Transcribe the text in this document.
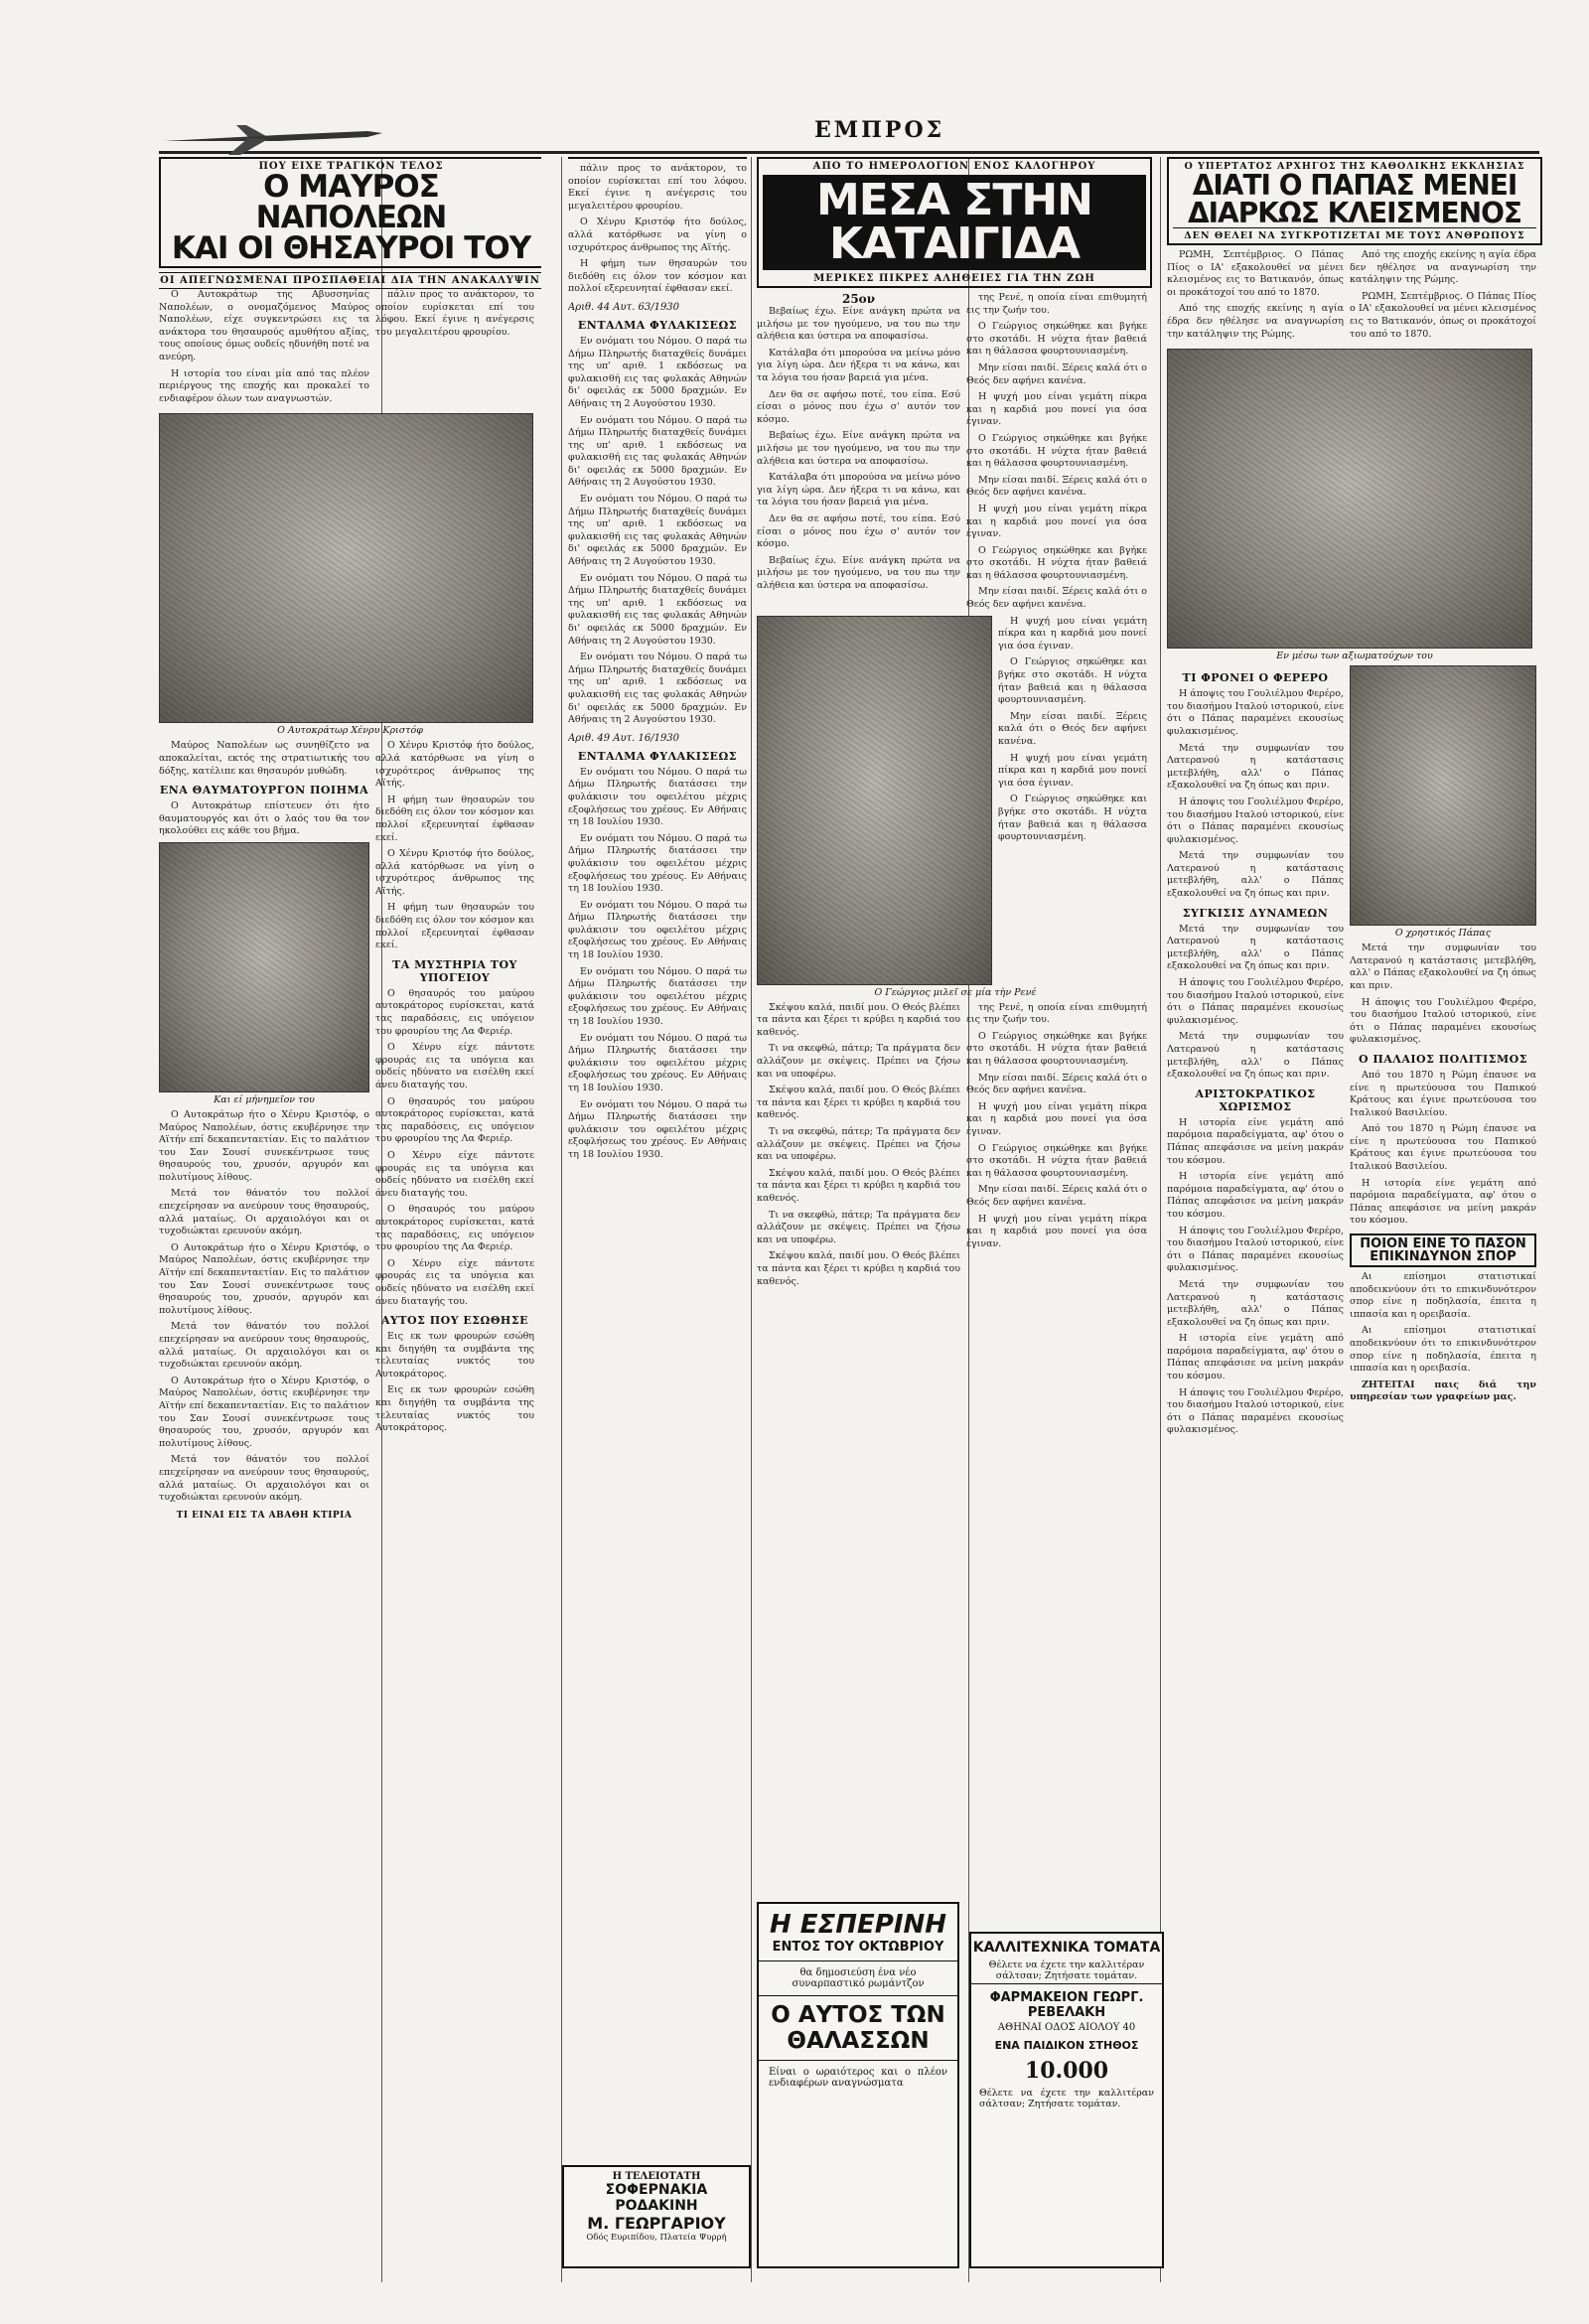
ΕΜΠΡΟΣ
ΠΟΥ ΕΙΧΕ ΤΡΑΓΙΚΟΝ ΤΕΛΟΣ
Ο ΜΑΥΡΟΣ ΝΑΠΟΛΕΩΝ
ΚΑΙ ΟΙ ΘΗΣΑΥΡΟΙ ΤΟΥ
ΟΙ ΑΠΕΓΝΩΣΜΕΝΑΙ ΠΡΟΣΠΑΘΕΙΑΙ ΔΙΑ ΤΗΝ ΑΝΑΚΑΛΥΨΙΝ

Ο Αυτοκράτωρ της Αβυσσηνίας Ναπολέων, ο ονομαζόμενος Μαύρος Ναπολέων, είχε συγκεντρώσει εις τα ανάκτορα του θησαυρούς αμυθήτου αξίας, τους οποίους όμως ουδείς ηδυνήθη ποτέ να ανεύρη.

Η ιστορία του είναι μία από τας πλέον περιέργους της εποχής και προκαλεί το ενδιαφέρον όλων των αναγνωστών.

πάλιν προς το ανάκτορον, το οποίον ευρίσκεται επί του λόφου. Εκεί έγινε η ανέγερσις του μεγαλειτέρου φρουρίου.

Ο Αυτοκράτωρ Χένρυ Κριστόφ

Μαύρος Ναπολέων ως συνηθίζετο να αποκαλείται, εκτός της στρατιωτικής του δόξης, κατέλιπε και θησαυρόν μυθώδη.

ΕΝΑ ΘΑΥΜΑΤΟΥΡΓΟΝ ΠΟΙΗΜΑ

Ο Αυτοκράτωρ επίστευεν ότι ήτο θαυματουργός και ότι ο λαός του θα τον ηκολούθει εις κάθε του βήμα.

Και εί μήνημεῖον του

Ο Αυτοκράτωρ ήτο ο Χένρυ Κριστόφ, ο Μαύρος Ναπολέων, όστις εκυβέρνησε την Αϊτήν επί δεκαπενταετίαν. Εις το παλάτιον του Σαν Σουσί συνεκέντρωσε τους θησαυρούς του, χρυσόν, αργυρόν και πολυτίμους λίθους.

Μετά τον θάνατόν του πολλοί επεχείρησαν να ανεύρουν τους θησαυρούς, αλλά ματαίως. Οι αρχαιολόγοι και οι τυχοδιώκται ερευνούν ακόμη.

Ο Αυτοκράτωρ ήτο ο Χένρυ Κριστόφ, ο Μαύρος Ναπολέων, όστις εκυβέρνησε την Αϊτήν επί δεκαπενταετίαν. Εις το παλάτιον του Σαν Σουσί συνεκέντρωσε τους θησαυρούς του, χρυσόν, αργυρόν και πολυτίμους λίθους.

Μετά τον θάνατόν του πολλοί επεχείρησαν να ανεύρουν τους θησαυρούς, αλλά ματαίως. Οι αρχαιολόγοι και οι τυχοδιώκται ερευνούν ακόμη.

Ο Αυτοκράτωρ ήτο ο Χένρυ Κριστόφ, ο Μαύρος Ναπολέων, όστις εκυβέρνησε την Αϊτήν επί δεκαπενταετίαν. Εις το παλάτιον του Σαν Σουσί συνεκέντρωσε τους θησαυρούς του, χρυσόν, αργυρόν και πολυτίμους λίθους.

Μετά τον θάνατόν του πολλοί επεχείρησαν να ανεύρουν τους θησαυρούς, αλλά ματαίως. Οι αρχαιολόγοι και οι τυχοδιώκται ερευνούν ακόμη.

ΤΙ ΕΙΝΑΙ ΕΙΣ ΤΑ ΑΒΑΘΗ ΚΤΙΡΙΑ

Ο Χένρυ Κριστόφ ήτο δούλος, αλλά κατόρθωσε να γίνη ο ισχυρότερος άνθρωπος της Αϊτής.

Η φήμη των θησαυρών του διεδόθη εις όλον τον κόσμον και πολλοί εξερευνηταί έφθασαν εκεί.

Ο Χένρυ Κριστόφ ήτο δούλος, αλλά κατόρθωσε να γίνη ο ισχυρότερος άνθρωπος της Αϊτής.

Η φήμη των θησαυρών του διεδόθη εις όλον τον κόσμον και πολλοί εξερευνηταί έφθασαν εκεί.

ΤΑ ΜΥΣΤΗΡΙΑ ΤΟΥ ΥΠΟΓΕΙΟΥ

Ο θησαυρός του μαύρου αυτοκράτορος ευρίσκεται, κατά τας παραδόσεις, εις υπόγειον του φρουρίου της Λα Φεριέρ.

Ο Χένρυ είχε πάντοτε φρουράς εις τα υπόγεια και ουδείς ηδύνατο να εισέλθη εκεί άνευ διαταγής του.

Ο θησαυρός του μαύρου αυτοκράτορος ευρίσκεται, κατά τας παραδόσεις, εις υπόγειον του φρουρίου της Λα Φεριέρ.

Ο Χένρυ είχε πάντοτε φρουράς εις τα υπόγεια και ουδείς ηδύνατο να εισέλθη εκεί άνευ διαταγής του.

Ο θησαυρός του μαύρου αυτοκράτορος ευρίσκεται, κατά τας παραδόσεις, εις υπόγειον του φρουρίου της Λα Φεριέρ.

Ο Χένρυ είχε πάντοτε φρουράς εις τα υπόγεια και ουδείς ηδύνατο να εισέλθη εκεί άνευ διαταγής του.

ΑΥΤΟΣ ΠΟΥ ΕΣΩΘΗΣΕ

Εις εκ των φρουρών εσώθη και διηγήθη τα συμβάντα της τελευταίας νυκτός του Αυτοκράτορος.

Εις εκ των φρουρών εσώθη και διηγήθη τα συμβάντα της τελευταίας νυκτός του Αυτοκράτορος.

πάλιν προς το ανάκτορον, το οποίον ευρίσκεται επί του λόφου. Εκεί έγινε η ανέγερσις του μεγαλειτέρου φρουρίου.

Ο Χένρυ Κριστόφ ήτο δούλος, αλλά κατόρθωσε να γίνη ο ισχυρότερος άνθρωπος της Αϊτής.

Η φήμη των θησαυρών του διεδόθη εις όλον τον κόσμον και πολλοί εξερευνηταί έφθασαν εκεί.

Αριθ. 44 Αυτ. 63/1930
ΕΝΤΑΛΜΑ ΦΥΛΑΚΙΣΕΩΣ

Εν ονόματι του Νόμου. Ο παρά τω Δήμω Πληρωτής διαταχθείς δυνάμει της υπ' αριθ. 1 εκδόσεως να φυλακισθή εις τας φυλακάς Αθηνών δι' οφειλάς εκ 5000 δραχμών. Εν Αθήναις τη 2 Αυγούστου 1930.

Εν ονόματι του Νόμου. Ο παρά τω Δήμω Πληρωτής διαταχθείς δυνάμει της υπ' αριθ. 1 εκδόσεως να φυλακισθή εις τας φυλακάς Αθηνών δι' οφειλάς εκ 5000 δραχμών. Εν Αθήναις τη 2 Αυγούστου 1930.

Εν ονόματι του Νόμου. Ο παρά τω Δήμω Πληρωτής διαταχθείς δυνάμει της υπ' αριθ. 1 εκδόσεως να φυλακισθή εις τας φυλακάς Αθηνών δι' οφειλάς εκ 5000 δραχμών. Εν Αθήναις τη 2 Αυγούστου 1930.

Εν ονόματι του Νόμου. Ο παρά τω Δήμω Πληρωτής διαταχθείς δυνάμει της υπ' αριθ. 1 εκδόσεως να φυλακισθή εις τας φυλακάς Αθηνών δι' οφειλάς εκ 5000 δραχμών. Εν Αθήναις τη 2 Αυγούστου 1930.

Εν ονόματι του Νόμου. Ο παρά τω Δήμω Πληρωτής διαταχθείς δυνάμει της υπ' αριθ. 1 εκδόσεως να φυλακισθή εις τας φυλακάς Αθηνών δι' οφειλάς εκ 5000 δραχμών. Εν Αθήναις τη 2 Αυγούστου 1930.

Αριθ. 49 Αυτ. 16/1930
ΕΝΤΑΛΜΑ ΦΥΛΑΚΙΣΕΩΣ

Εν ονόματι του Νόμου. Ο παρά τω Δήμω Πληρωτής διατάσσει την φυλάκισιν του οφειλέτου μέχρις εξοφλήσεως του χρέους. Εν Αθήναις τη 18 Ιουλίου 1930.

Εν ονόματι του Νόμου. Ο παρά τω Δήμω Πληρωτής διατάσσει την φυλάκισιν του οφειλέτου μέχρις εξοφλήσεως του χρέους. Εν Αθήναις τη 18 Ιουλίου 1930.

Εν ονόματι του Νόμου. Ο παρά τω Δήμω Πληρωτής διατάσσει την φυλάκισιν του οφειλέτου μέχρις εξοφλήσεως του χρέους. Εν Αθήναις τη 18 Ιουλίου 1930.

Εν ονόματι του Νόμου. Ο παρά τω Δήμω Πληρωτής διατάσσει την φυλάκισιν του οφειλέτου μέχρις εξοφλήσεως του χρέους. Εν Αθήναις τη 18 Ιουλίου 1930.

Εν ονόματι του Νόμου. Ο παρά τω Δήμω Πληρωτής διατάσσει την φυλάκισιν του οφειλέτου μέχρις εξοφλήσεως του χρέους. Εν Αθήναις τη 18 Ιουλίου 1930.

Εν ονόματι του Νόμου. Ο παρά τω Δήμω Πληρωτής διατάσσει την φυλάκισιν του οφειλέτου μέχρις εξοφλήσεως του χρέους. Εν Αθήναις τη 18 Ιουλίου 1930.

Η ΤΕΛΕΙΟΤΑΤΗ
ΣΟΦΕΡΝΑΚΙΑ ΡΟΔΑΚΙΝΗ
Μ. ΓΕΩΡΓΑΡΙΟΥ
Οδός Ευριπίδου, Πλατεία Ψυρρή
ΑΠΟ ΤΟ ΗΜΕΡΟΛΟΓΙΟΝ ΕΝΟΣ ΚΑΛΟΓΗΡΟΥ
ΜΕΣΑ ΣΤΗΝ ΚΑΤΑΙΓΙΔΑ
ΜΕΡΙΚΕΣ ΠΙΚΡΕΣ ΑΛΗΘΕΙΕΣ ΓΙΑ ΤΗΝ ΖΩΗ
25ον

Βεβαίως έχω. Είνε ανάγκη πρώτα να μιλήσω με τον ηγούμενο, να του πω την αλήθεια και ύστερα να αποφασίσω.

Κατάλαβα ότι μπορούσα να μείνω μόνο για λίγη ώρα. Δεν ήξερα τι να κάνω, και τα λόγια του ήσαν βαρειά για μένα.

Δεν θα σε αφήσω ποτέ, του είπα. Εσύ είσαι ο μόνος που έχω σ' αυτόν τον κόσμο.

Βεβαίως έχω. Είνε ανάγκη πρώτα να μιλήσω με τον ηγούμενο, να του πω την αλήθεια και ύστερα να αποφασίσω.

Κατάλαβα ότι μπορούσα να μείνω μόνο για λίγη ώρα. Δεν ήξερα τι να κάνω, και τα λόγια του ήσαν βαρειά για μένα.

Δεν θα σε αφήσω ποτέ, του είπα. Εσύ είσαι ο μόνος που έχω σ' αυτόν τον κόσμο.

Βεβαίως έχω. Είνε ανάγκη πρώτα να μιλήσω με τον ηγούμενο, να του πω την αλήθεια και ύστερα να αποφασίσω.

της Ρενέ, η οποία είναι επιθυμητή εις την ζωήν του.

Ο Γεώργιος σηκώθηκε και βγήκε στο σκοτάδι. Η νύχτα ήταν βαθειά και η θάλασσα φουρτουνιασμένη.

Μην είσαι παιδί. Ξέρεις καλά ότι ο Θεός δεν αφήνει κανένα.

Η ψυχή μου είναι γεμάτη πίκρα και η καρδιά μου πονεί για όσα έγιναν.

Ο Γεώργιος σηκώθηκε και βγήκε στο σκοτάδι. Η νύχτα ήταν βαθειά και η θάλασσα φουρτουνιασμένη.

Μην είσαι παιδί. Ξέρεις καλά ότι ο Θεός δεν αφήνει κανένα.

Η ψυχή μου είναι γεμάτη πίκρα και η καρδιά μου πονεί για όσα έγιναν.

Ο Γεώργιος σηκώθηκε και βγήκε στο σκοτάδι. Η νύχτα ήταν βαθειά και η θάλασσα φουρτουνιασμένη.

Μην είσαι παιδί. Ξέρεις καλά ότι ο Θεός δεν αφήνει κανένα.

Η ψυχή μου είναι γεμάτη πίκρα και η καρδιά μου πονεί για όσα έγιναν.

Ο Γεώργιος σηκώθηκε και βγήκε στο σκοτάδι. Η νύχτα ήταν βαθειά και η θάλασσα φουρτουνιασμένη.

Μην είσαι παιδί. Ξέρεις καλά ότι ο Θεός δεν αφήνει κανένα.

Η ψυχή μου είναι γεμάτη πίκρα και η καρδιά μου πονεί για όσα έγιναν.

Ο Γεώργιος σηκώθηκε και βγήκε στο σκοτάδι. Η νύχτα ήταν βαθειά και η θάλασσα φουρτουνιασμένη.

Ο Γεώργιος μιλεῖ σε μία τὴν Ρενέ

Σκέψου καλά, παιδί μου. Ο Θεός βλέπει τα πάντα και ξέρει τι κρύβει η καρδιά του καθενός.

Τι να σκεφθώ, πάτερ; Τα πράγματα δεν αλλάζουν με σκέψεις. Πρέπει να ζήσω και να υποφέρω.

Σκέψου καλά, παιδί μου. Ο Θεός βλέπει τα πάντα και ξέρει τι κρύβει η καρδιά του καθενός.

Τι να σκεφθώ, πάτερ; Τα πράγματα δεν αλλάζουν με σκέψεις. Πρέπει να ζήσω και να υποφέρω.

Σκέψου καλά, παιδί μου. Ο Θεός βλέπει τα πάντα και ξέρει τι κρύβει η καρδιά του καθενός.

Τι να σκεφθώ, πάτερ; Τα πράγματα δεν αλλάζουν με σκέψεις. Πρέπει να ζήσω και να υποφέρω.

Σκέψου καλά, παιδί μου. Ο Θεός βλέπει τα πάντα και ξέρει τι κρύβει η καρδιά του καθενός.

της Ρενέ, η οποία είναι επιθυμητή εις την ζωήν του.

Ο Γεώργιος σηκώθηκε και βγήκε στο σκοτάδι. Η νύχτα ήταν βαθειά και η θάλασσα φουρτουνιασμένη.

Μην είσαι παιδί. Ξέρεις καλά ότι ο Θεός δεν αφήνει κανένα.

Η ψυχή μου είναι γεμάτη πίκρα και η καρδιά μου πονεί για όσα έγιναν.

Ο Γεώργιος σηκώθηκε και βγήκε στο σκοτάδι. Η νύχτα ήταν βαθειά και η θάλασσα φουρτουνιασμένη.

Μην είσαι παιδί. Ξέρεις καλά ότι ο Θεός δεν αφήνει κανένα.

Η ψυχή μου είναι γεμάτη πίκρα και η καρδιά μου πονεί για όσα έγιναν.

Η ΕΣΠΕΡΙΝΗ
ΕΝΤΟΣ ΤΟΥ ΟΚΤΩΒΡΙΟΥ
θα δημοσιεύση ένα νέο συναρπαστικό ρωμάντζον
Ο ΑΥΤΟΣ ΤΩΝ ΘΑΛΑΣΣΩΝ
Είναι ο ωραιότερος και ο πλέον ενδιαφέρων αναγνώσματα
ΚΑΛΛΙΤΕΧΝΙΚΑ ΤΟΜΑΤΑ
Θέλετε να έχετε την καλλιτέραν σάλτσαν; Ζητήσατε τομάταν.
ΦΑΡΜΑΚΕΙΟΝ ΓΕΩΡΓ. ΡΕΒΕΛΑΚΗ
ΑΘΗΝΑΙ ΟΔΟΣ ΑΙΟΛΟΥ 40
ΕΝΑ ΠΑΙΔΙΚΟΝ ΣΤΗΘΟΣ
10.000
Θέλετε να έχετε την καλλιτέραν σάλτσαν; Ζητήσατε τομάταν.
Ο ΥΠΕΡΤΑΤΟΣ ΑΡΧΗΓΟΣ ΤΗΣ ΚΑΘΟΛΙΚΗΣ ΕΚΚΛΗΣΙΑΣ
ΔΙΑΤΙ Ο ΠΑΠΑΣ ΜΕΝΕΙ
ΔΙΑΡΚΩΣ ΚΛΕΙΣΜΕΝΟΣ
ΔΕΝ ΘΕΛΕΙ ΝΑ ΣΥΓΚΡΟΤΙΖΕΤΑΙ ΜΕ ΤΟΥΣ ΑΝΘΡΩΠΟΥΣ

ΡΩΜΗ, Σεπτέμβριος. Ο Πάπας Πίος ο ΙΑ' εξακολουθεί να μένει κλεισμένος εις το Βατικανόν, όπως οι προκάτοχοί του από το 1870.

Από της εποχής εκείνης η αγία έδρα δεν ηθέλησε να αναγνωρίση την κατάληψιν της Ρώμης.

Από της εποχής εκείνης η αγία έδρα δεν ηθέλησε να αναγνωρίση την κατάληψιν της Ρώμης.

ΡΩΜΗ, Σεπτέμβριος. Ο Πάπας Πίος ο ΙΑ' εξακολουθεί να μένει κλεισμένος εις το Βατικανόν, όπως οι προκάτοχοί του από το 1870.

Εν μέσω των αξιωματούχων του
ΤΙ ΦΡΟΝΕΙ Ο ΦΕΡΕΡΟ

Η άποψις του Γουλιέλμου Φερέρο, του διασήμου Ιταλού ιστορικού, είνε ότι ο Πάπας παραμένει εκουσίως φυλακισμένος.

Μετά την συμφωνίαν του Λατερανού η κατάστασις μετεβλήθη, αλλ' ο Πάπας εξακολουθεί να ζη όπως και πριν.

Η άποψις του Γουλιέλμου Φερέρο, του διασήμου Ιταλού ιστορικού, είνε ότι ο Πάπας παραμένει εκουσίως φυλακισμένος.

Μετά την συμφωνίαν του Λατερανού η κατάστασις μετεβλήθη, αλλ' ο Πάπας εξακολουθεί να ζη όπως και πριν.

ΣΥΓΚΙΣΙΣ ΔΥΝΑΜΕΩΝ

Μετά την συμφωνίαν του Λατερανού η κατάστασις μετεβλήθη, αλλ' ο Πάπας εξακολουθεί να ζη όπως και πριν.

Η άποψις του Γουλιέλμου Φερέρο, του διασήμου Ιταλού ιστορικού, είνε ότι ο Πάπας παραμένει εκουσίως φυλακισμένος.

Μετά την συμφωνίαν του Λατερανού η κατάστασις μετεβλήθη, αλλ' ο Πάπας εξακολουθεί να ζη όπως και πριν.

ΑΡΙΣΤΟΚΡΑΤΙΚΟΣ ΧΩΡΙΣΜΟΣ

Η ιστορία είνε γεμάτη από παρόμοια παραδείγματα, αφ' ότου ο Πάπας απεφάσισε να μείνη μακράν του κόσμου.

Η ιστορία είνε γεμάτη από παρόμοια παραδείγματα, αφ' ότου ο Πάπας απεφάσισε να μείνη μακράν του κόσμου.

Η άποψις του Γουλιέλμου Φερέρο, του διασήμου Ιταλού ιστορικού, είνε ότι ο Πάπας παραμένει εκουσίως φυλακισμένος.

Μετά την συμφωνίαν του Λατερανού η κατάστασις μετεβλήθη, αλλ' ο Πάπας εξακολουθεί να ζη όπως και πριν.

Η ιστορία είνε γεμάτη από παρόμοια παραδείγματα, αφ' ότου ο Πάπας απεφάσισε να μείνη μακράν του κόσμου.

Η άποψις του Γουλιέλμου Φερέρο, του διασήμου Ιταλού ιστορικού, είνε ότι ο Πάπας παραμένει εκουσίως φυλακισμένος.

Ο χρηστικός Πάπας

Μετά την συμφωνίαν του Λατερανού η κατάστασις μετεβλήθη, αλλ' ο Πάπας εξακολουθεί να ζη όπως και πριν.

Η άποψις του Γουλιέλμου Φερέρο, του διασήμου Ιταλού ιστορικού, είνε ότι ο Πάπας παραμένει εκουσίως φυλακισμένος.

Ο ΠΑΛΑΙΟΣ ΠΟΛΙΤΙΣΜΟΣ

Από του 1870 η Ρώμη έπαυσε να είνε η πρωτεύουσα του Παπικού Κράτους και έγινε πρωτεύουσα του Ιταλικού Βασιλείου.

Από του 1870 η Ρώμη έπαυσε να είνε η πρωτεύουσα του Παπικού Κράτους και έγινε πρωτεύουσα του Ιταλικού Βασιλείου.

Η ιστορία είνε γεμάτη από παρόμοια παραδείγματα, αφ' ότου ο Πάπας απεφάσισε να μείνη μακράν του κόσμου.

ΠΟΙΟΝ ΕΙΝΕ ΤΟ ΠΑΣΟΝ ΕΠΙΚΙΝΔΥΝΟΝ ΣΠΟΡ

Αι επίσημοι στατιστικαί αποδεικνύουν ότι το επικινδυνότερον σπορ είνε η ποδηλασία, έπειτα η ιππασία και η ορειβασία.

Αι επίσημοι στατιστικαί αποδεικνύουν ότι το επικινδυνότερον σπορ είνε η ποδηλασία, έπειτα η ιππασία και η ορειβασία.

ΖΗΤΕΙΤΑΙ παις διά την υπηρεσίαν των γραφείων μας.
